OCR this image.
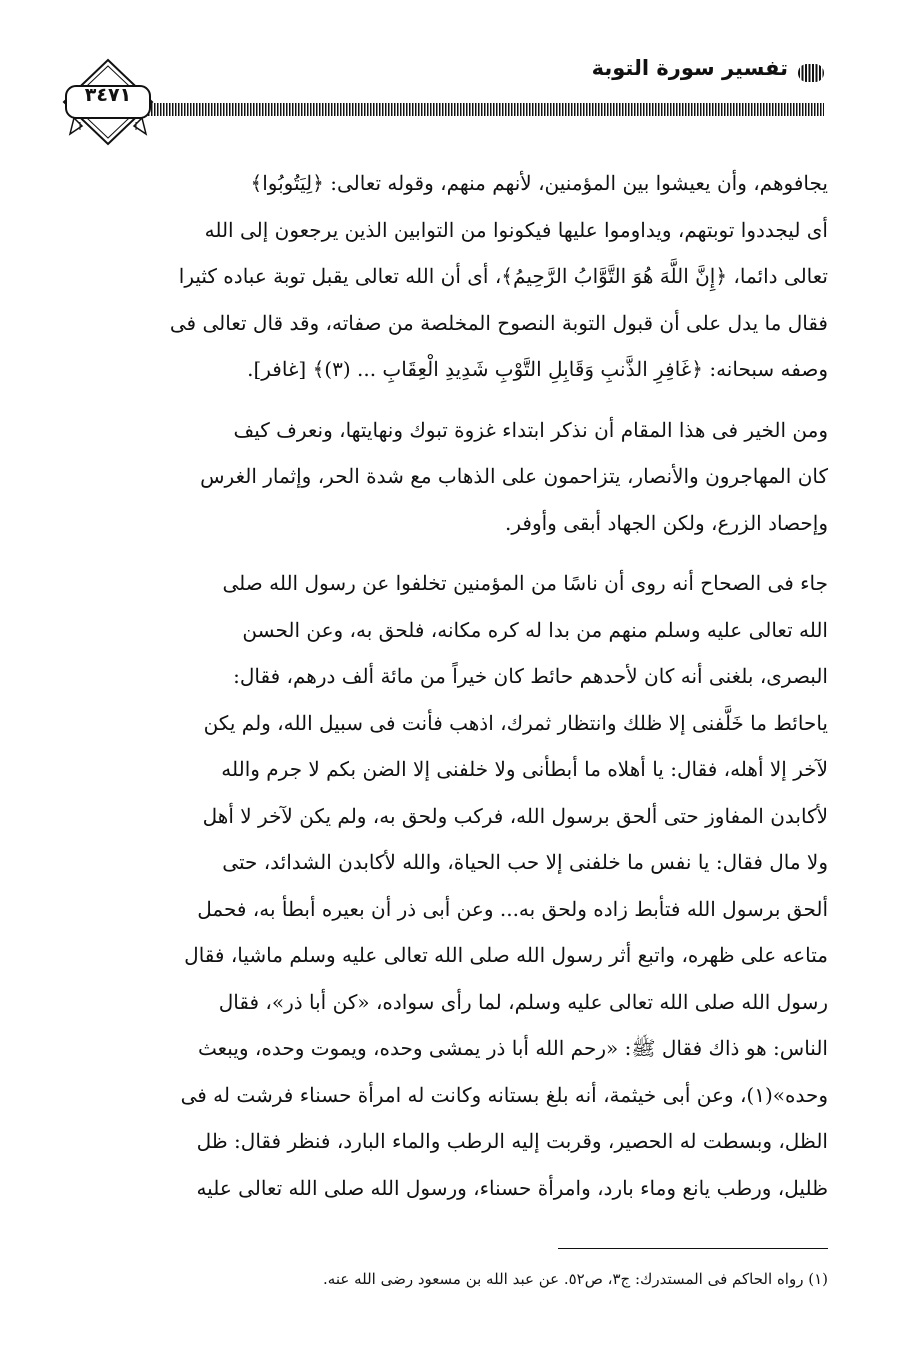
تفسير سورة التوبة
٣٤٧١

يجافوهم، وأن يعيشوا بين المؤمنين، لأنهم منهم، وقوله تعالى: ﴿لِيَتُوبُوا﴾
أى ليجددوا توبتهم، ويداوموا عليها فيكونوا من التوابين الذين يرجعون إلى الله
تعالى دائما، ﴿إِنَّ اللَّهَ هُوَ التَّوَّابُ الرَّحِيمُ﴾، أى أن الله تعالى يقبل توبة عباده كثيرا
فقال ما يدل على أن قبول التوبة النصوح المخلصة من صفاته، وقد قال تعالى فى
وصفه سبحانه: ﴿غَافِرِ الذَّنبِ وَقَابِلِ التَّوْبِ شَدِيدِ الْعِقَابِ ... (٣)﴾ [غافر].

ومن الخير فى هذا المقام أن نذكر ابتداء غزوة تبوك ونهايتها، ونعرف كيف
كان المهاجرون والأنصار، يتزاحمون على الذهاب مع شدة الحر، وإثمار الغرس
وإحصاد الزرع، ولكن الجهاد أبقى وأوفر.

جاء فى الصحاح أنه روى أن ناسًا من المؤمنين تخلفوا عن رسول الله صلى
الله تعالى عليه وسلم منهم من بدا له كره مكانه، فلحق به، وعن الحسن
البصرى، بلغنى أنه كان لأحدهم حائط كان خيراً من مائة ألف درهم، فقال:
ياحائط ما خَلَّفنى إلا ظلك وانتظار ثمرك، اذهب فأنت فى سبيل الله، ولم يكن
لآخر إلا أهله، فقال: يا أهلاه ما أبطأنى ولا خلفنى إلا الضن بكم لا جرم والله
لأكابدن المفاوز حتى ألحق برسول الله، فركب ولحق به، ولم يكن لآخر لا أهل
ولا مال فقال: يا نفس ما خلفنى إلا حب الحياة، والله لأكابدن الشدائد، حتى
ألحق برسول الله فتأبط زاده ولحق به... وعن أبى ذر أن بعيره أبطأ به، فحمل
متاعه على ظهره، واتبع أثر رسول الله صلى الله تعالى عليه وسلم ماشيا، فقال
رسول الله صلى الله تعالى عليه وسلم، لما رأى سواده، «كن أبا ذر»، فقال
الناس: هو ذاك فقال ﷺ: «رحم الله أبا ذر يمشى وحده، ويموت وحده، ويبعث
وحده»(١)، وعن أبى خيثمة، أنه بلغ بستانه وكانت له امرأة حسناء فرشت له فى
الظل، وبسطت له الحصير، وقربت إليه الرطب والماء البارد، فنظر فقال: ظل
ظليل، ورطب يانع وماء بارد، وامرأة حسناء، ورسول الله صلى الله تعالى عليه

(١) رواه الحاكم فى المستدرك: ج٣، ص٥٢. عن عبد الله بن مسعود رضى الله عنه.
